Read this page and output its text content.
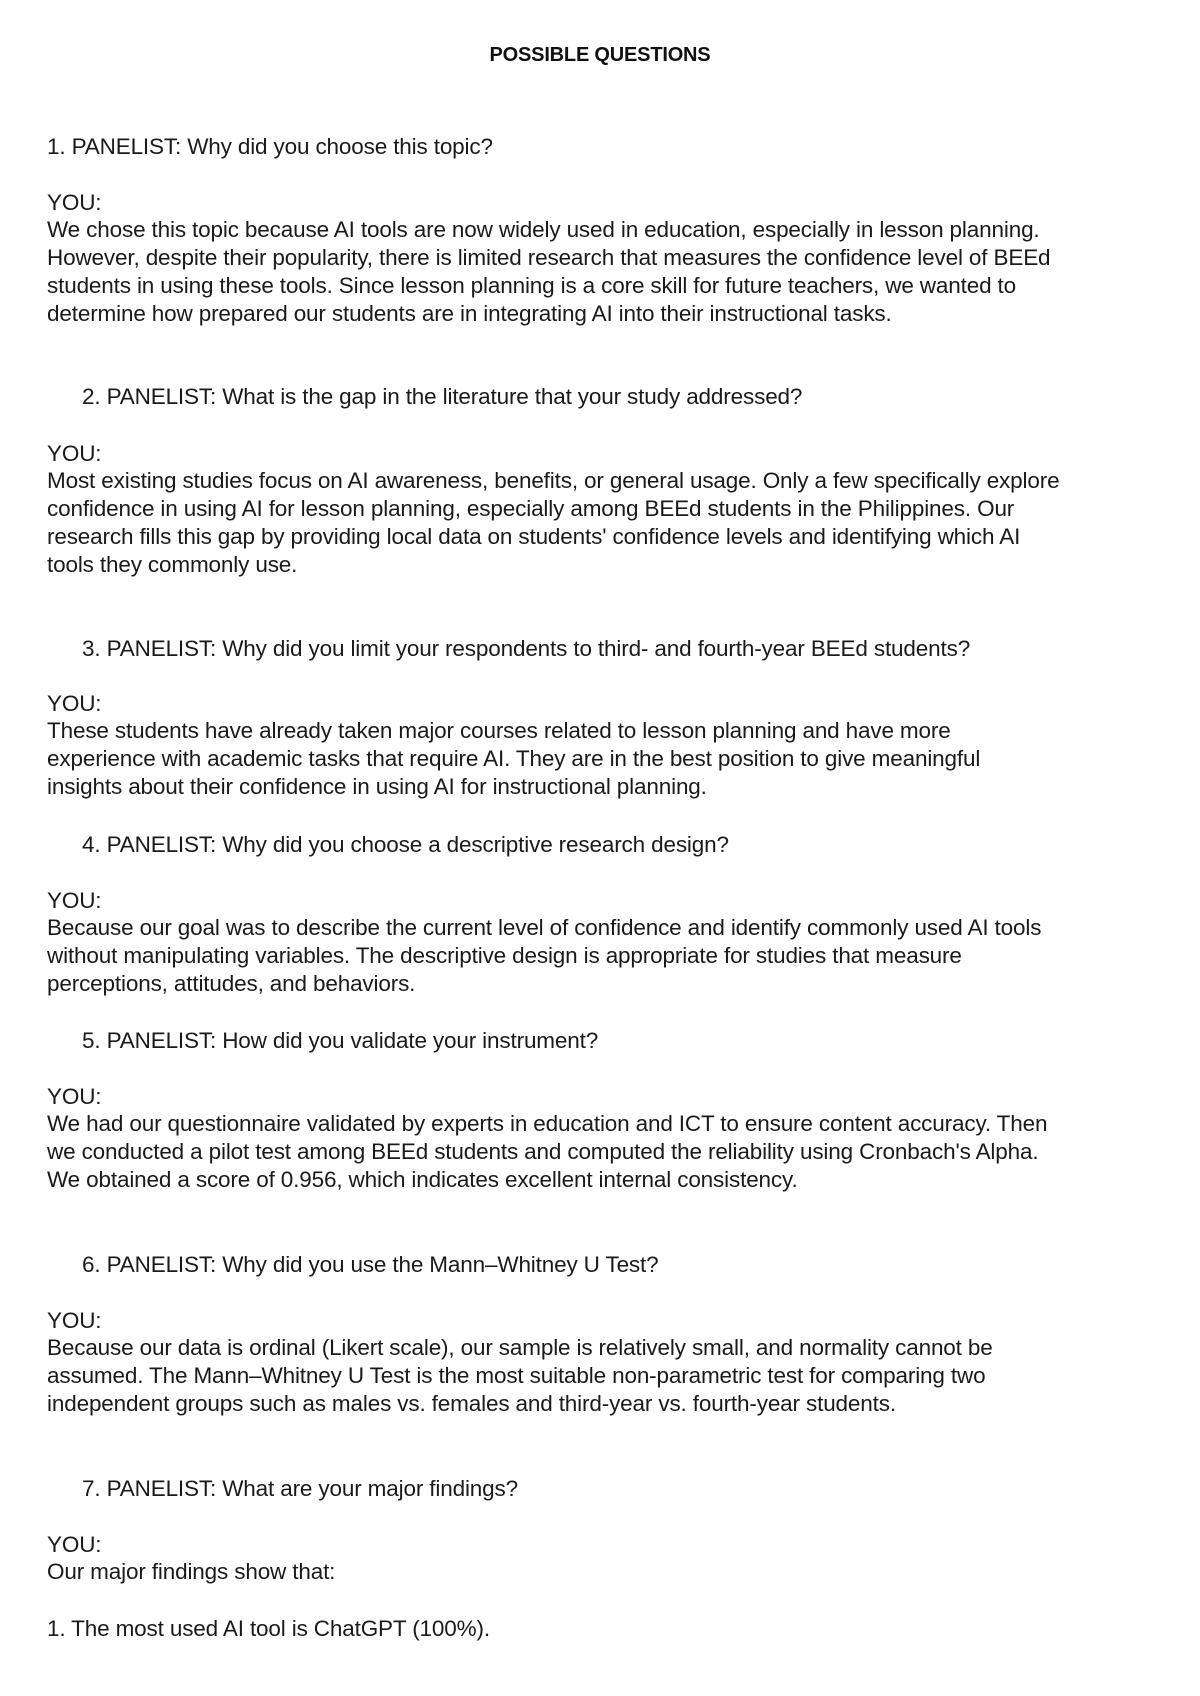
POSSIBLE QUESTIONS
1. PANELIST: Why did you choose this topic?
YOU:
We chose this topic because AI tools are now widely used in education, especially in lesson planning.
However, despite their popularity, there is limited research that measures the confidence level of BEEd
students in using these tools. Since lesson planning is a core skill for future teachers, we wanted to
determine how prepared our students are in integrating AI into their instructional tasks.
2. PANELIST: What is the gap in the literature that your study addressed?
YOU:
Most existing studies focus on AI awareness, benefits, or general usage. Only a few specifically explore
confidence in using AI for lesson planning, especially among BEEd students in the Philippines. Our
research fills this gap by providing local data on students' confidence levels and identifying which AI
tools they commonly use.
3. PANELIST: Why did you limit your respondents to third- and fourth-year BEEd students?
YOU:
These students have already taken major courses related to lesson planning and have more
experience with academic tasks that require AI. They are in the best position to give meaningful
insights about their confidence in using AI for instructional planning.
4. PANELIST: Why did you choose a descriptive research design?
YOU:
Because our goal was to describe the current level of confidence and identify commonly used AI tools
without manipulating variables. The descriptive design is appropriate for studies that measure
perceptions, attitudes, and behaviors.
5. PANELIST: How did you validate your instrument?
YOU:
We had our questionnaire validated by experts in education and ICT to ensure content accuracy. Then
we conducted a pilot test among BEEd students and computed the reliability using Cronbach's Alpha.
We obtained a score of 0.956, which indicates excellent internal consistency.
6. PANELIST: Why did you use the Mann–Whitney U Test?
YOU:
Because our data is ordinal (Likert scale), our sample is relatively small, and normality cannot be
assumed. The Mann–Whitney U Test is the most suitable non-parametric test for comparing two
independent groups such as males vs. females and third-year vs. fourth-year students.
7. PANELIST: What are your major findings?
YOU:
Our major findings show that:
1. The most used AI tool is ChatGPT (100%).
